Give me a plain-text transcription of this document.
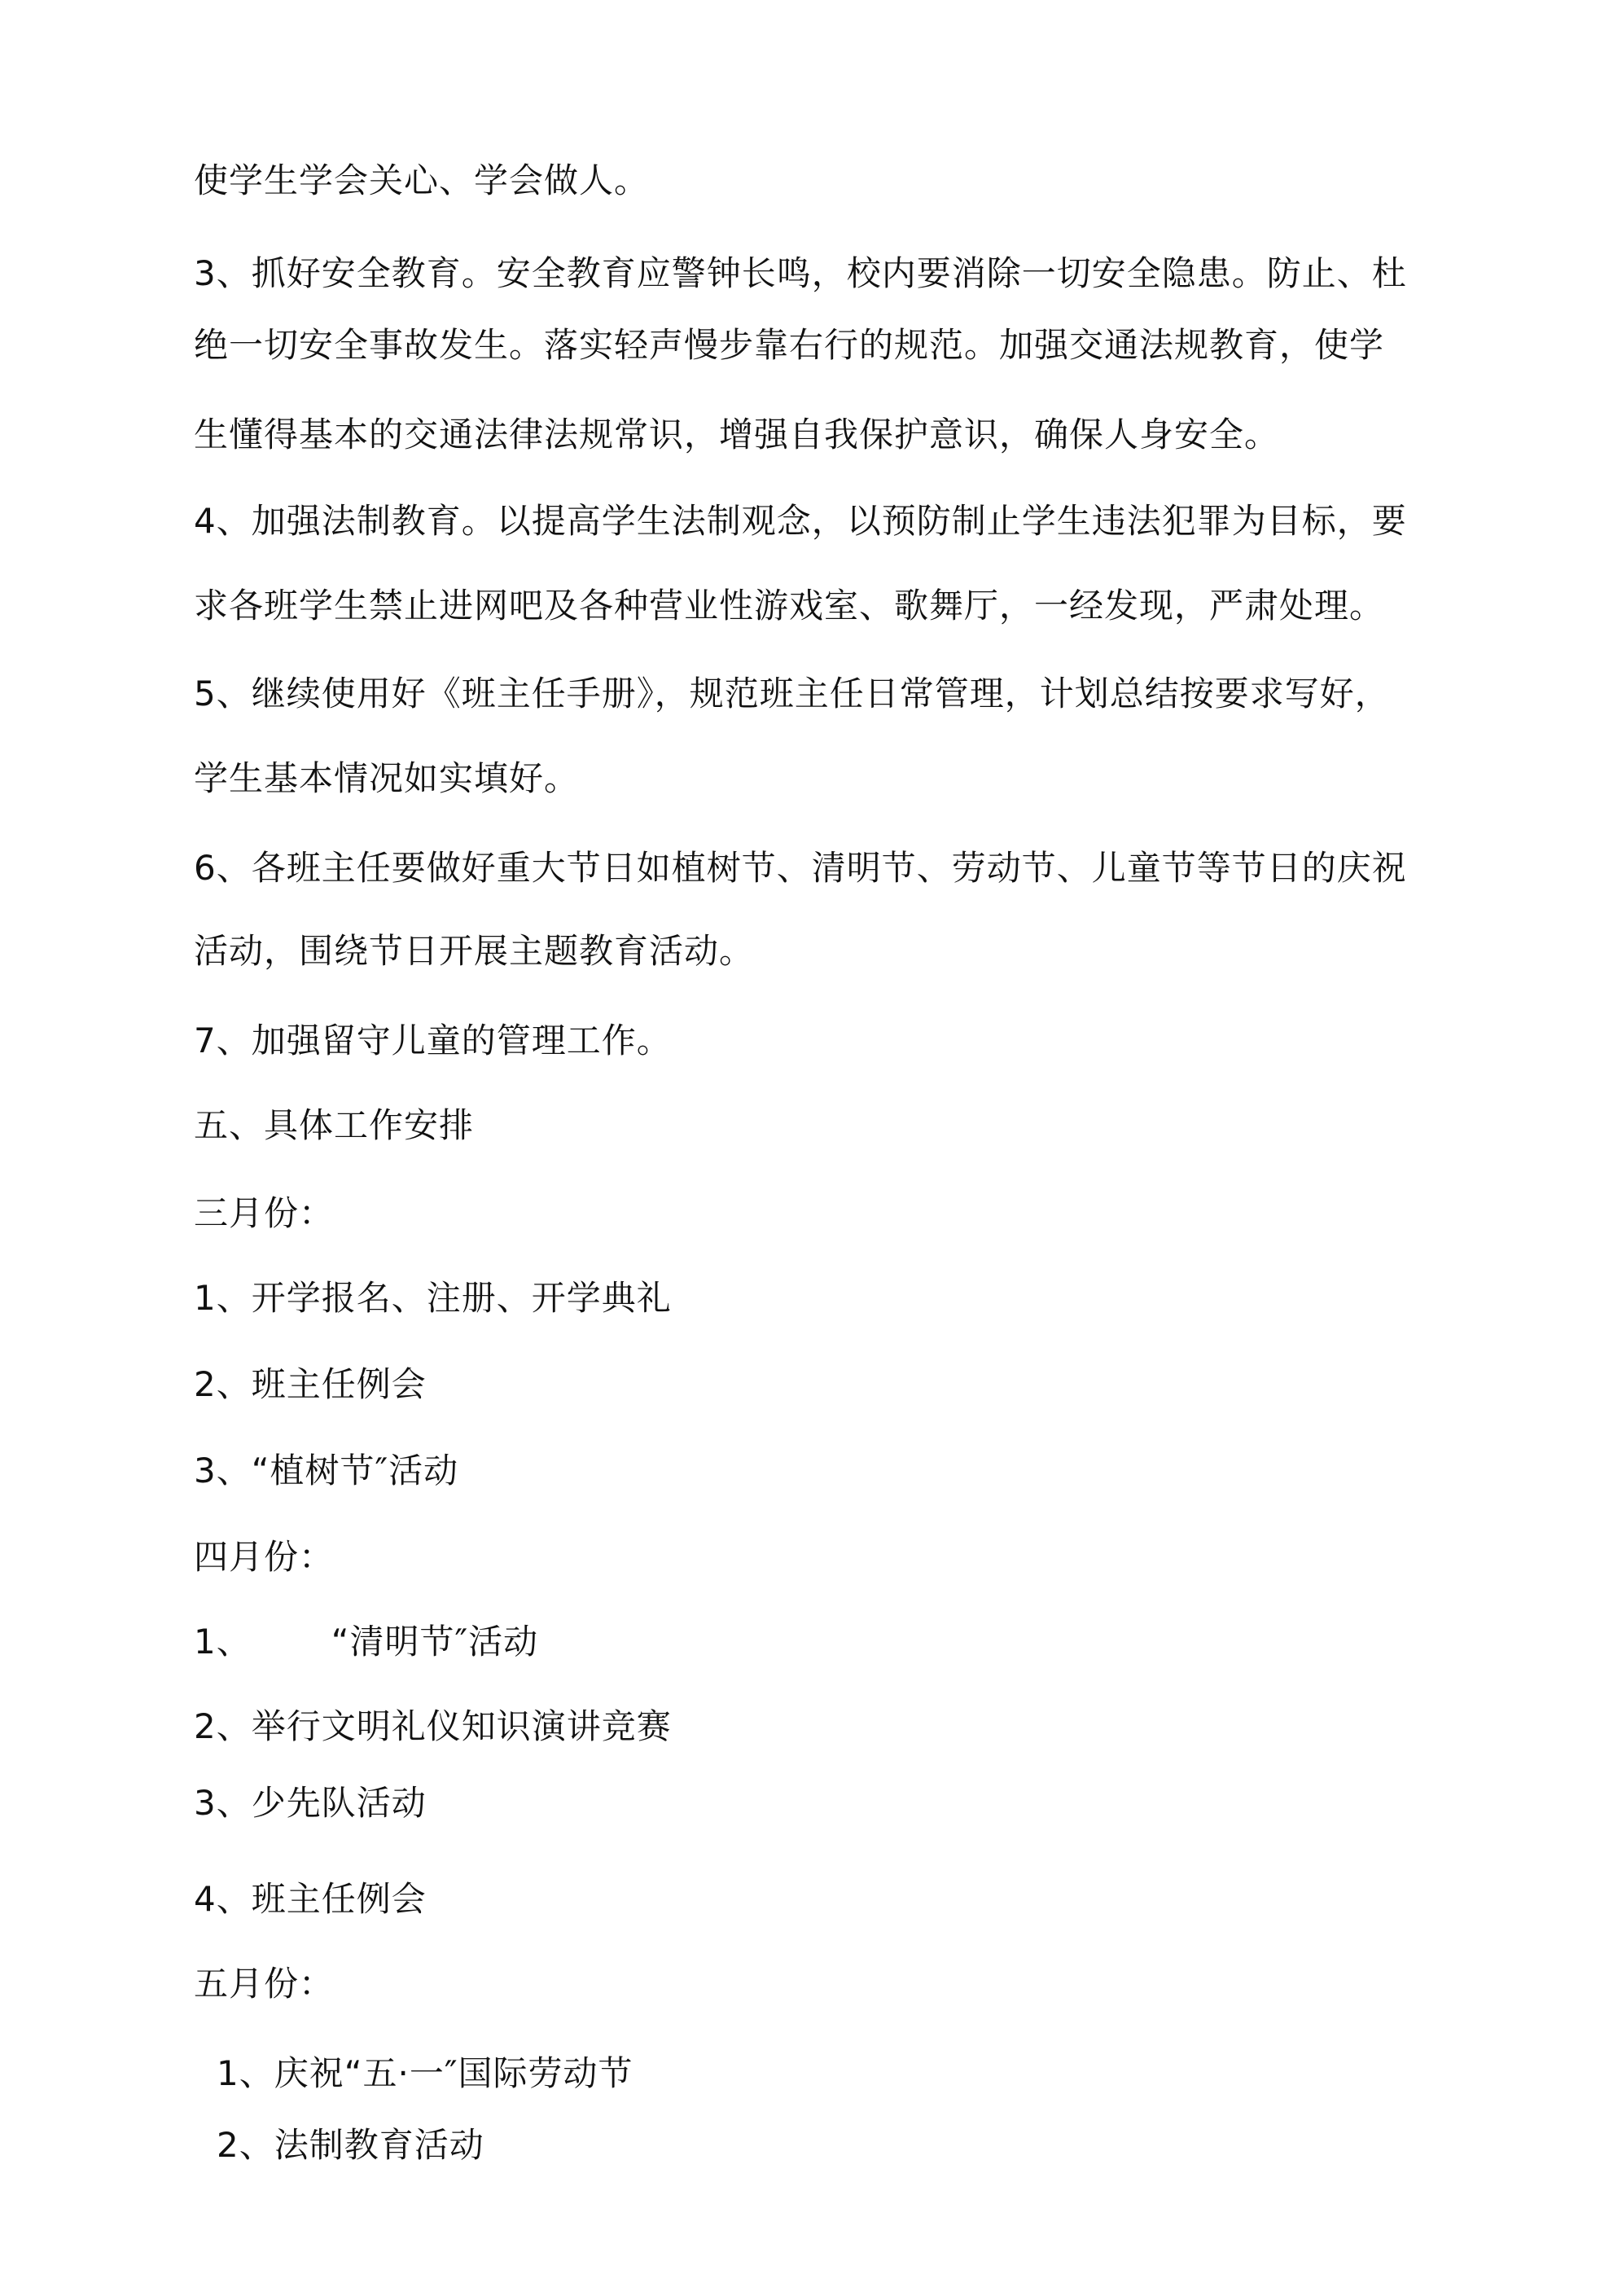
使学生学会关心、学会做人。
3、抓好安全教育。安全教育应警钟长鸣，校内要消除一切安全隐患。防止、杜
绝一切安全事故发生。落实轻声慢步靠右行的规范。加强交通法规教育，使学
生懂得基本的交通法律法规常识，增强自我保护意识，确保人身安全。
4、加强法制教育。以提高学生法制观念，以预防制止学生违法犯罪为目标，要
求各班学生禁止进网吧及各种营业性游戏室、歌舞厅，一经发现，严肃处理。
5、继续使用好《班主任手册》，规范班主任日常管理，计划总结按要求写好，
学生基本情况如实填好。
6、各班主任要做好重大节日如植树节、清明节、劳动节、儿童节等节日的庆祝
活动，围绕节日开展主题教育活动。
7、加强留守儿童的管理工作。
五、具体工作安排
三月份：
1、开学报名、注册、开学典礼
2、班主任例会
3、“植树节″活动
四月份：
1、 “清明节″活动
2、举行文明礼仪知识演讲竞赛
3、少先队活动
4、班主任例会
五月份：
1、庆祝“五·一″国际劳动节
2、法制教育活动
